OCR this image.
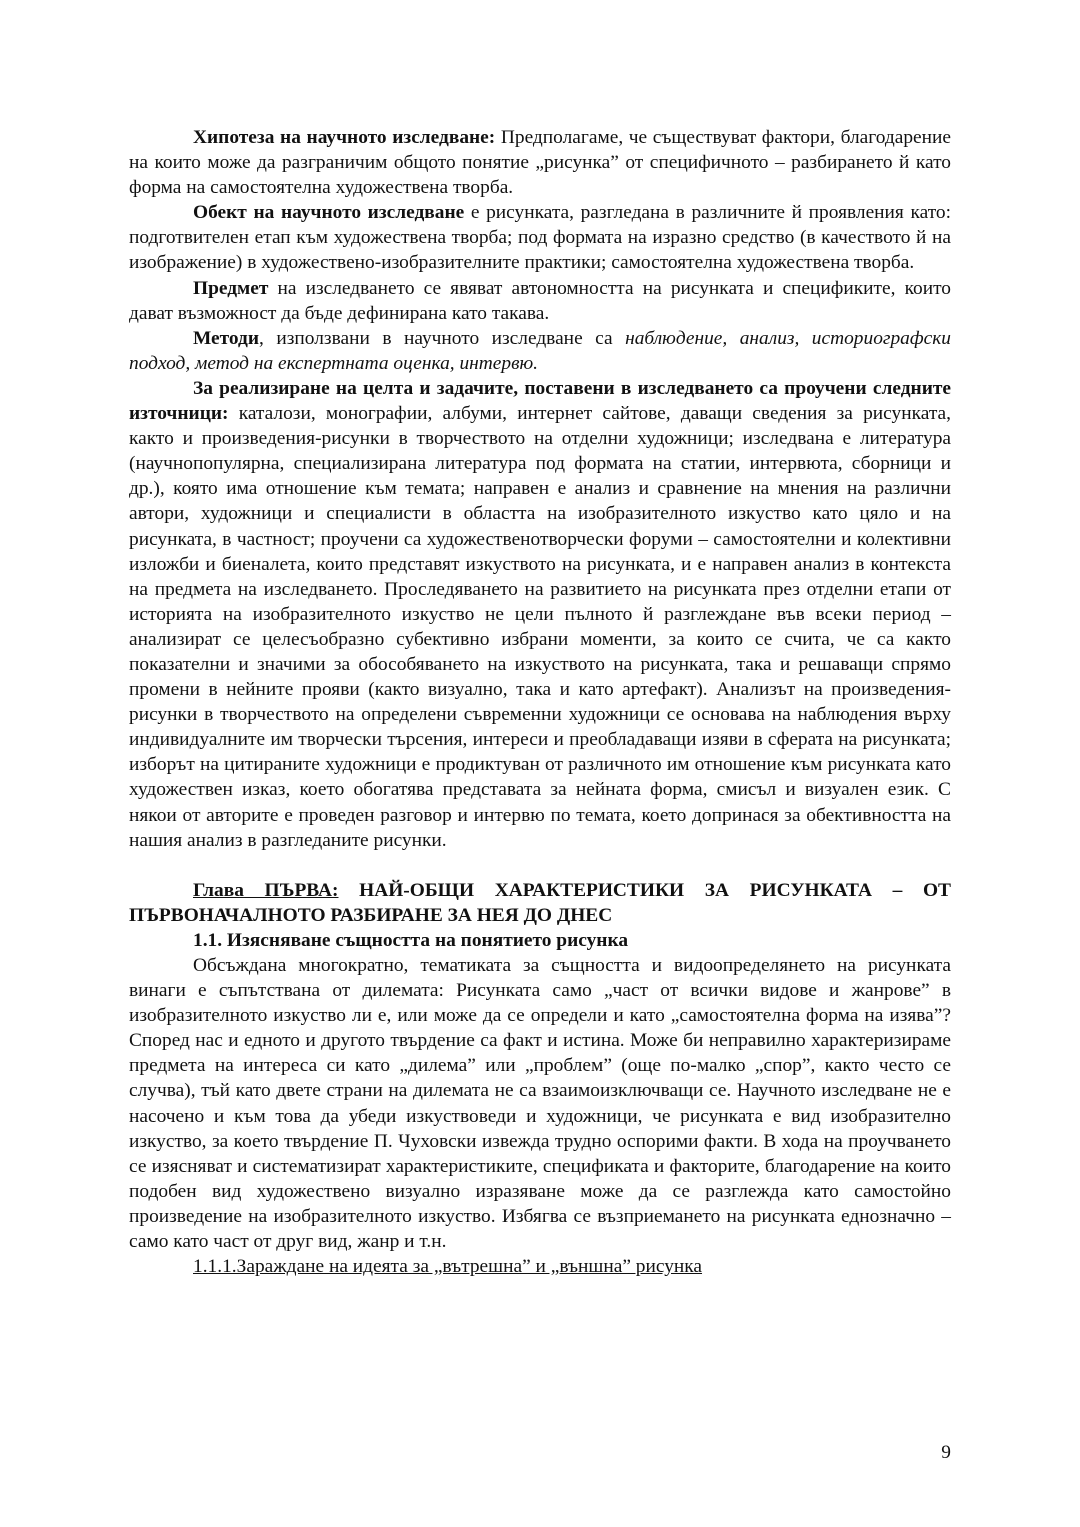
Хипотеза на научното изследване: Предполагаме, че съществуват фактори, благодарение на които може да разграничим общото понятие „рисунка” от специфичното – разбирането й като форма на самостоятелна художествена творба.

Обект на научното изследване е рисунката, разгледана в различните й проявления като: подготвителен етап към художествена творба; под формата на изразно средство (в качеството й на изображение) в художествено-изобразителните практики; самостоятелна художествена творба.

Предмет на изследването се явяват автономността на рисунката и спецификите, които дават възможност да бъде дефинирана като такава.

Методи, използвани в научното изследване са наблюдение, анализ, историографски подход, метод на експертната оценка, интервю.

За реализиране на целта и задачите, поставени в изследването са проучени следните източници: каталози, монографии, албуми, интернет сайтове, даващи сведения за рисунката, както и произведения-рисунки в творчеството на отделни художници; изследвана е литература (научнопопулярна, специализирана литература под формата на статии, интервюта, сборници и др.), която има отношение към темата; направен е анализ и сравнение на мнения на различни автори, художници и специалисти в областта на изобразителното изкуство като цяло и на рисунката, в частност; проучени са художественотворчески форуми – самостоятелни и колективни изложби и биеналета, които представят изкуството на рисунката, и е направен анализ в контекста на предмета на изследването. Проследяването на развитието на рисунката през отделни етапи от историята на изобразителното изкуство не цели пълното й разглеждане във всеки период – анализират се целесъобразно субективно избрани моменти, за които се счита, че са както показателни и значими за обособяването на изкуството на рисунката, така и решаващи спрямо промени в нейните прояви (както визуално, така и като артефакт). Анализът на произведения-рисунки в творчеството на определени съвременни художници се основава на наблюдения върху индивидуалните им творчески търсения, интереси и преобладаващи изяви в сферата на рисунката; изборът на цитираните художници е продиктуван от различното им отношение към рисунката като художествен изказ, което обогатява представата за нейната форма, смисъл и визуален език. С някои от авторите е проведен разговор и интервю по темата, което допринася за обективността на нашия анализ в разгледаните рисунки.

Глава ПЪРВА: НАЙ-ОБЩИ ХАРАКТЕРИСТИКИ ЗА РИСУНКАТА – ОТ ПЪРВОНАЧАЛНОТО РАЗБИРАНЕ ЗА НЕЯ ДО ДНЕС

1.1. Изясняване същността на понятието рисунка

Обсъждана многократно, тематиката за същността и видоопределянето на рисунката винаги е съпътствана от дилемата: Рисунката само „част от всички видове и жанрове” в изобразителното изкуство ли е, или може да се определи и като „самостоятелна форма на изява”? Според нас и едното и другото твърдение са факт и истина. Може би неправилно характеризираме предмета на интереса си като „дилема” или „проблем” (още по-малко „спор”, както често се случва), тъй като двете страни на дилемата не са взаимоизключващи се. Научното изследване не е насочено и към това да убеди изкуствоведи и художници, че рисунката е вид изобразително изкуство, за което твърдение П. Чуховски извежда трудно оспорими факти. В хода на проучването се изясняват и систематизират характеристиките, спецификата и факторите, благодарение на които подобен вид художествено визуално изразяване може да се разглежда като самостойно произведение на изобразителното изкуство. Избягва се възприемането на рисунката еднозначно – само като част от друг вид, жанр и т.н.

1.1.1.Зараждане на идеята за „вътрешна” и „външна” рисунка

9
